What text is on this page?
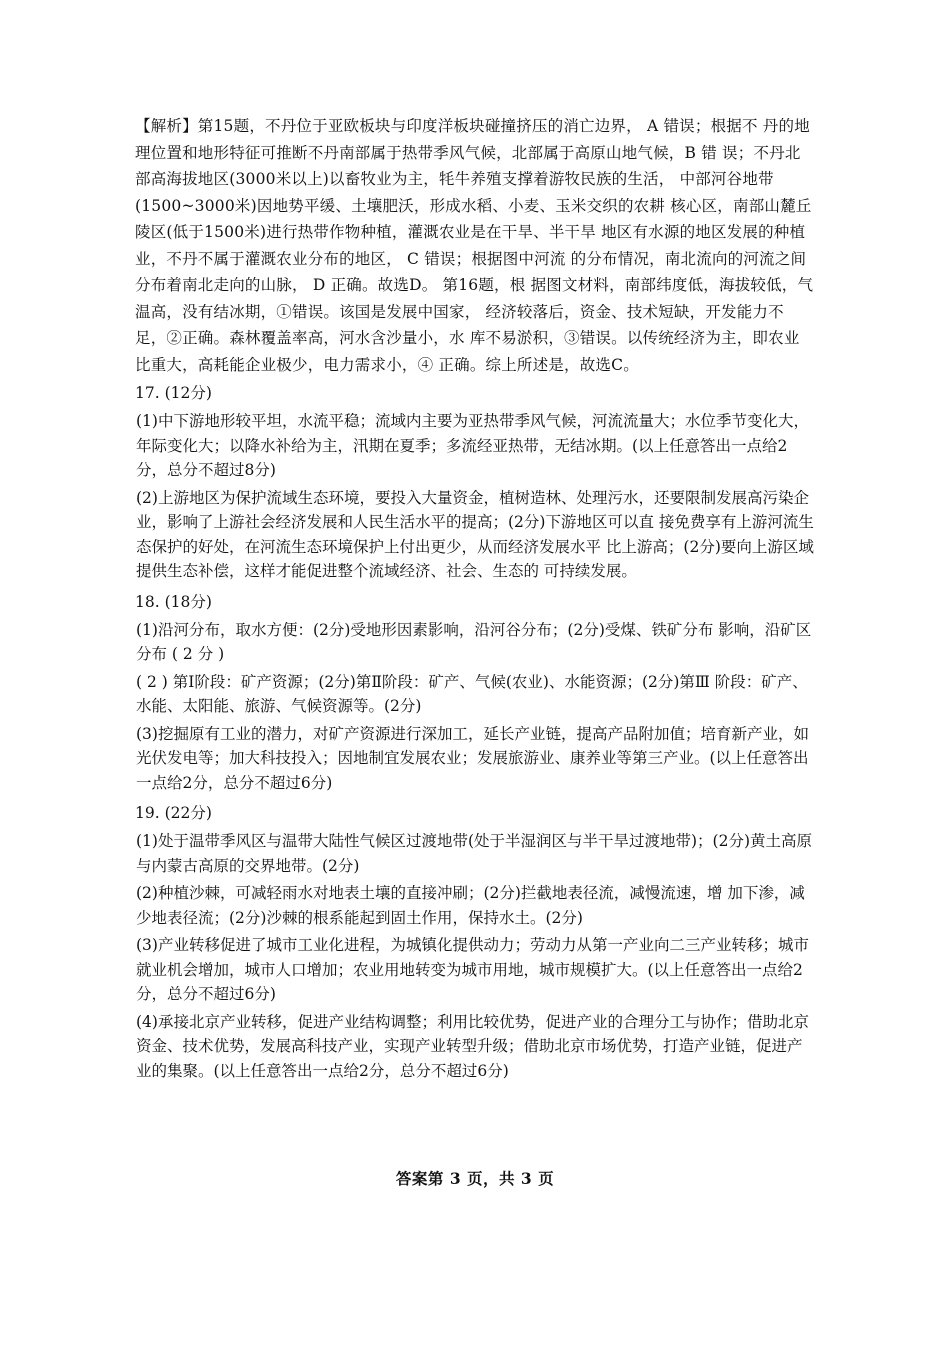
【解析】第15题，不丹位于亚欧板块与印度洋板块碰撞挤压的消亡边界， A 错误；根据不 丹的地理位置和地形特征可推断不丹南部属于热带季风气候，北部属于高原山地气候，B 错 误；不丹北部高海拔地区(3000米以上)以畜牧业为主，牦牛养殖支撑着游牧民族的生活， 中部河谷地带(1500~3000米)因地势平缓、土壤肥沃，形成水稻、小麦、玉米交织的农耕 核心区，南部山麓丘陵区(低于1500米)进行热带作物种植，灌溉农业是在干旱、半干旱 地区有水源的地区发展的种植业，不丹不属于灌溉农业分布的地区， C 错误；根据图中河流 的分布情况，南北流向的河流之间分布着南北走向的山脉， D 正确。故选D。 第16题，根 据图文材料，南部纬度低，海拔较低，气温高，没有结冰期，①错误。该国是发展中国家， 经济较落后，资金、技术短缺，开发能力不足，②正确。森林覆盖率高，河水含沙量小，水 库不易淤积，③错误。以传统经济为主，即农业比重大，高耗能企业极少，电力需求小，④ 正确。综上所述是，故选C。

17. (12分)

(1)中下游地形较平坦，水流平稳；流域内主要为亚热带季风气候，河流流量大；水位季节变化大，年际变化大；以降水补给为主，汛期在夏季；多流经亚热带，无结冰期。(以上任意答出一点给2分，总分不超过8分)

(2)上游地区为保护流域生态环境，要投入大量资金，植树造林、处理污水，还要限制发展高污染企业，影响了上游社会经济发展和人民生活水平的提高；(2分)下游地区可以直 接免费享有上游河流生态保护的好处，在河流生态环境保护上付出更少，从而经济发展水平 比上游高；(2分)要向上游区域提供生态补偿，这样才能促进整个流域经济、社会、生态的 可持续发展。

18. (18分)

(1)沿河分布，取水方便：(2分)受地形因素影响，沿河谷分布；(2分)受煤、铁矿分布 影响，沿矿区分布 ( 2 分 )

( 2 ) 第Ⅰ阶段：矿产资源；(2分)第Ⅱ阶段：矿产、气候(农业)、水能资源；(2分)第Ⅲ 阶段：矿产、水能、太阳能、旅游、气候资源等。(2分)

(3)挖掘原有工业的潜力，对矿产资源进行深加工，延长产业链，提高产品附加值；培育新产业，如光伏发电等；加大科技投入；因地制宜发展农业；发展旅游业、康养业等第三产业。(以上任意答出一点给2分，总分不超过6分)

19. (22分)

(1)处于温带季风区与温带大陆性气候区过渡地带(处于半湿润区与半干旱过渡地带)；(2分)黄土高原与内蒙古高原的交界地带。(2分)

(2)种植沙棘，可减轻雨水对地表土壤的直接冲刷；(2分)拦截地表径流，减慢流速，增 加下渗，减少地表径流；(2分)沙棘的根系能起到固土作用，保持水土。(2分)

(3)产业转移促进了城市工业化进程，为城镇化提供动力；劳动力从第一产业向二三产业转移；城市就业机会增加，城市人口增加；农业用地转变为城市用地，城市规模扩大。(以上任意答出一点给2分，总分不超过6分)

(4)承接北京产业转移，促进产业结构调整；利用比较优势，促进产业的合理分工与协作；借助北京资金、技术优势，发展高科技产业，实现产业转型升级；借助北京市场优势，打造产业链，促进产业的集聚。(以上任意答出一点给2分，总分不超过6分)

答案第 3 页，共 3 页
